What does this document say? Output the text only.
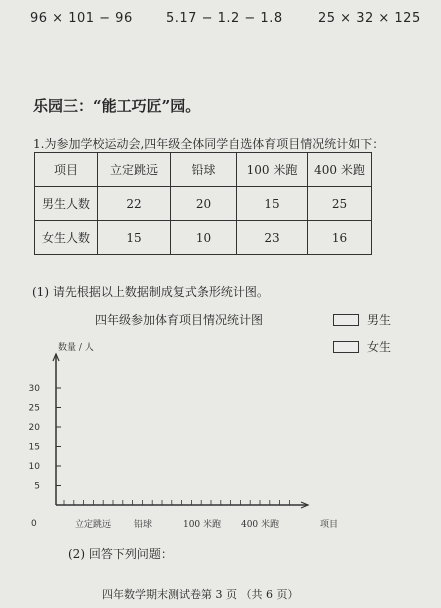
96 × 101 − 96	5.17 − 1.2 − 1.8	25 × 32 × 125
乐园三：“能工巧匠”园。
1.为参加学校运动会,四年级全体同学自选体育项目情况统计如下：
项目	立定跳远	铅球	100 米跑	400 米跑
男生人数	22	20	15	25
女生人数	15	10	23	16
(1) 请先根据以上数据制成复式条形统计图。
四年级参加体育项目情况统计图	男生
女生
数量 / 人
5
10
15
20
25
30
0	立定跳远	铅球	100 米跑 400 米跑	项目
(2) 回答下列问题：
四年数学期末测试卷第 3 页 （共 6 页）
